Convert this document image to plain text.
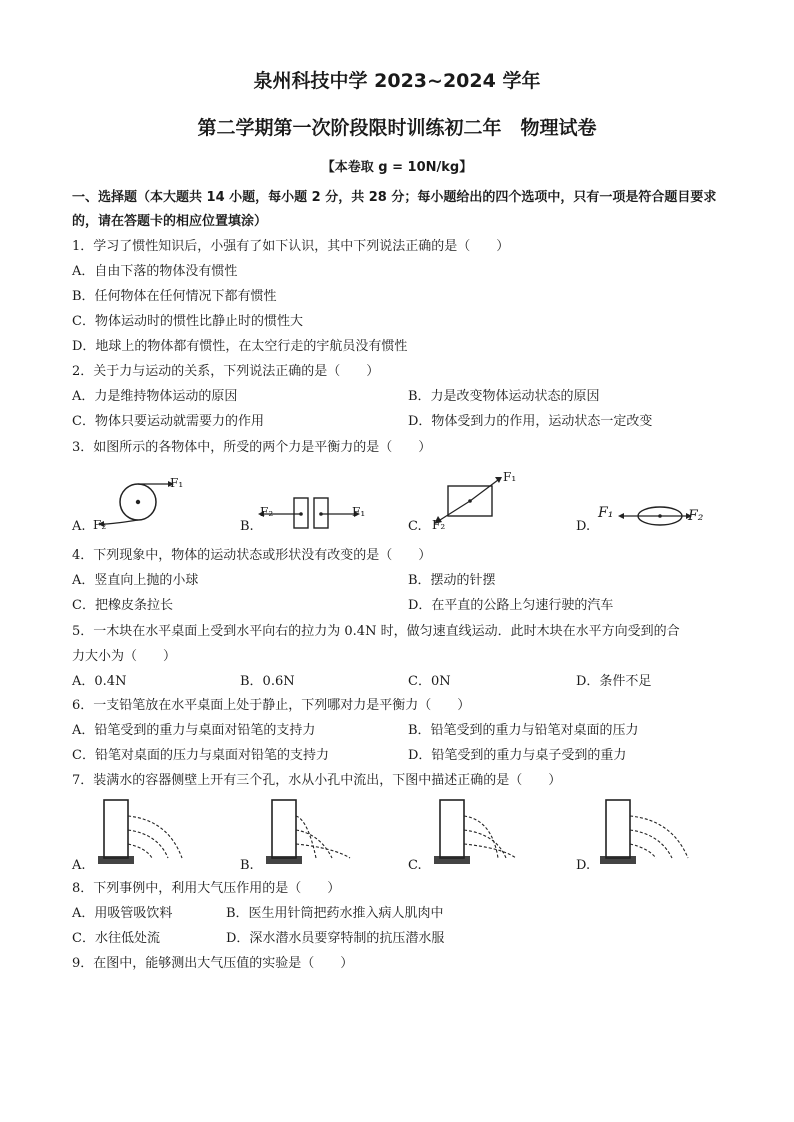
泉州科技中学 2023~2024 学年
第二学期第一次阶段限时训练初二年　物理试卷
【本卷取 g = 10N/kg】
一、选择题（本大题共 14 小题，每小题 2 分，共 28 分；每小题给出的四个选项中，只有一项是符合题目要求的，请在答题卡的相应位置填涂）
1．学习了惯性知识后，小强有了如下认识，其中下列说法正确的是（　　）
A．自由下落的物体没有惯性
B．任何物体在任何情况下都有惯性
C．物体运动时的惯性比静止时的惯性大
D．地球上的物体都有惯性，在太空行走的宇航员没有惯性
2．关于力与运动的关系，下列说法正确的是（　　）
A．力是维持物体运动的原因	B．力是改变物体运动状态的原因
C．物体只要运动就需要力的作用	D．物体受到力的作用，运动状态一定改变
3．如图所示的各物体中，所受的两个力是平衡力的是（　　）
A.
F₁
F₂	B.
F₂	F₁
C.
F₁
F₂	D.
F₁	F₂
4．下列现象中，物体的运动状态或形状没有改变的是（　　）
A．竖直向上抛的小球	B．摆动的针摆
C．把橡皮条拉长	D．在平直的公路上匀速行驶的汽车
5．一木块在水平桌面上受到水平向右的拉力为 0.4N 时，做匀速直线运动．此时木块在水平方向受到的合
力大小为（　　）
A．0.4N	B．0.6N	C．0N	D．条件不足
6．一支铅笔放在水平桌面上处于静止，下列哪对力是平衡力（　　）
A．铅笔受到的重力与桌面对铅笔的支持力	B．铅笔受到的重力与铅笔对桌面的压力
C．铅笔对桌面的压力与桌面对铅笔的支持力	D．铅笔受到的重力与桌子受到的重力
7．装满水的容器侧壁上开有三个孔，水从小孔中流出，下图中描述正确的是（　　）
A.	B.	C.	D.
8．下列事例中，利用大气压作用的是（　　）
A．用吸管吸饮料	B．医生用针筒把药水推入病人肌肉中
C．水往低处流	D．深水潜水员要穿特制的抗压潜水服
9．在图中，能够测出大气压值的实验是（　　）
